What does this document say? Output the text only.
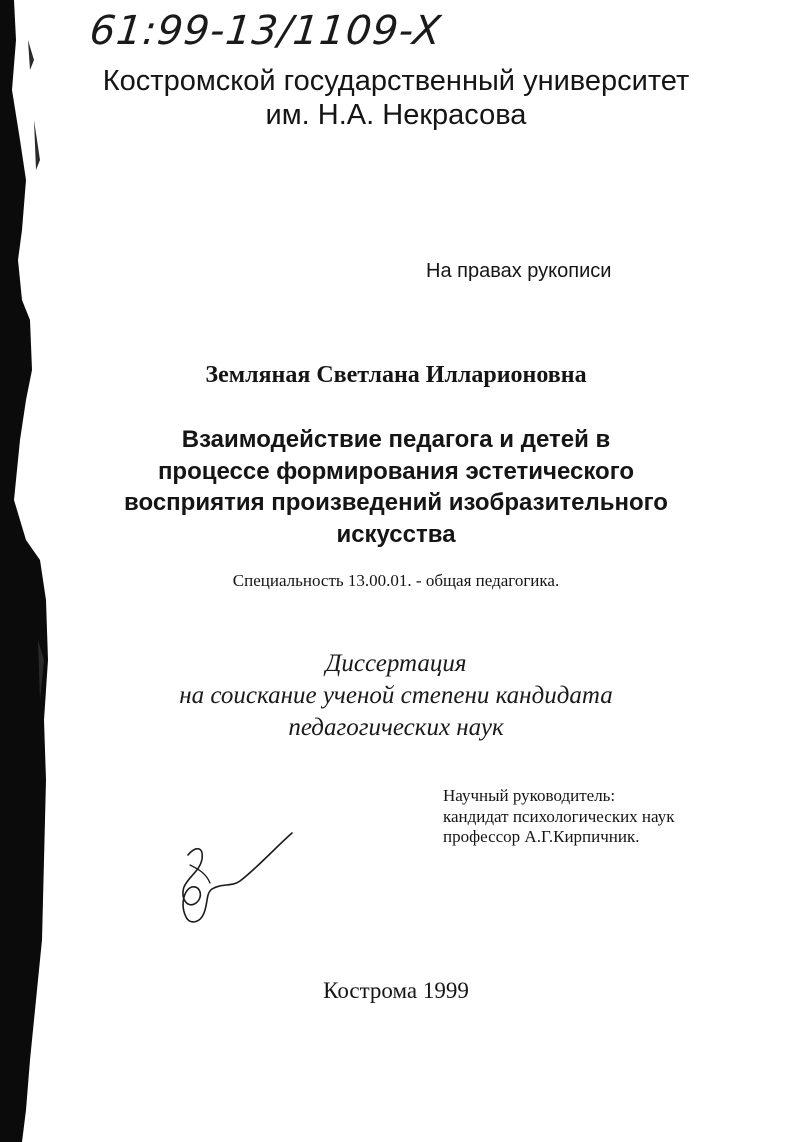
61:99-13/1109-X
Костромской государственный университет
им. Н.А. Некрасова
На правах рукописи
Земляная Светлана Илларионовна
Взаимодействие педагога и детей в
процессе формирования эстетического
восприятия произведений изобразительного
искусства
Специальность 13.00.01. - общая педагогика.
Диссертация
на соискание ученой степени кандидата
педагогических наук
Научный руководитель:
кандидат психологических наук
профессор А.Г.Кирпичник.
Кострома 1999
